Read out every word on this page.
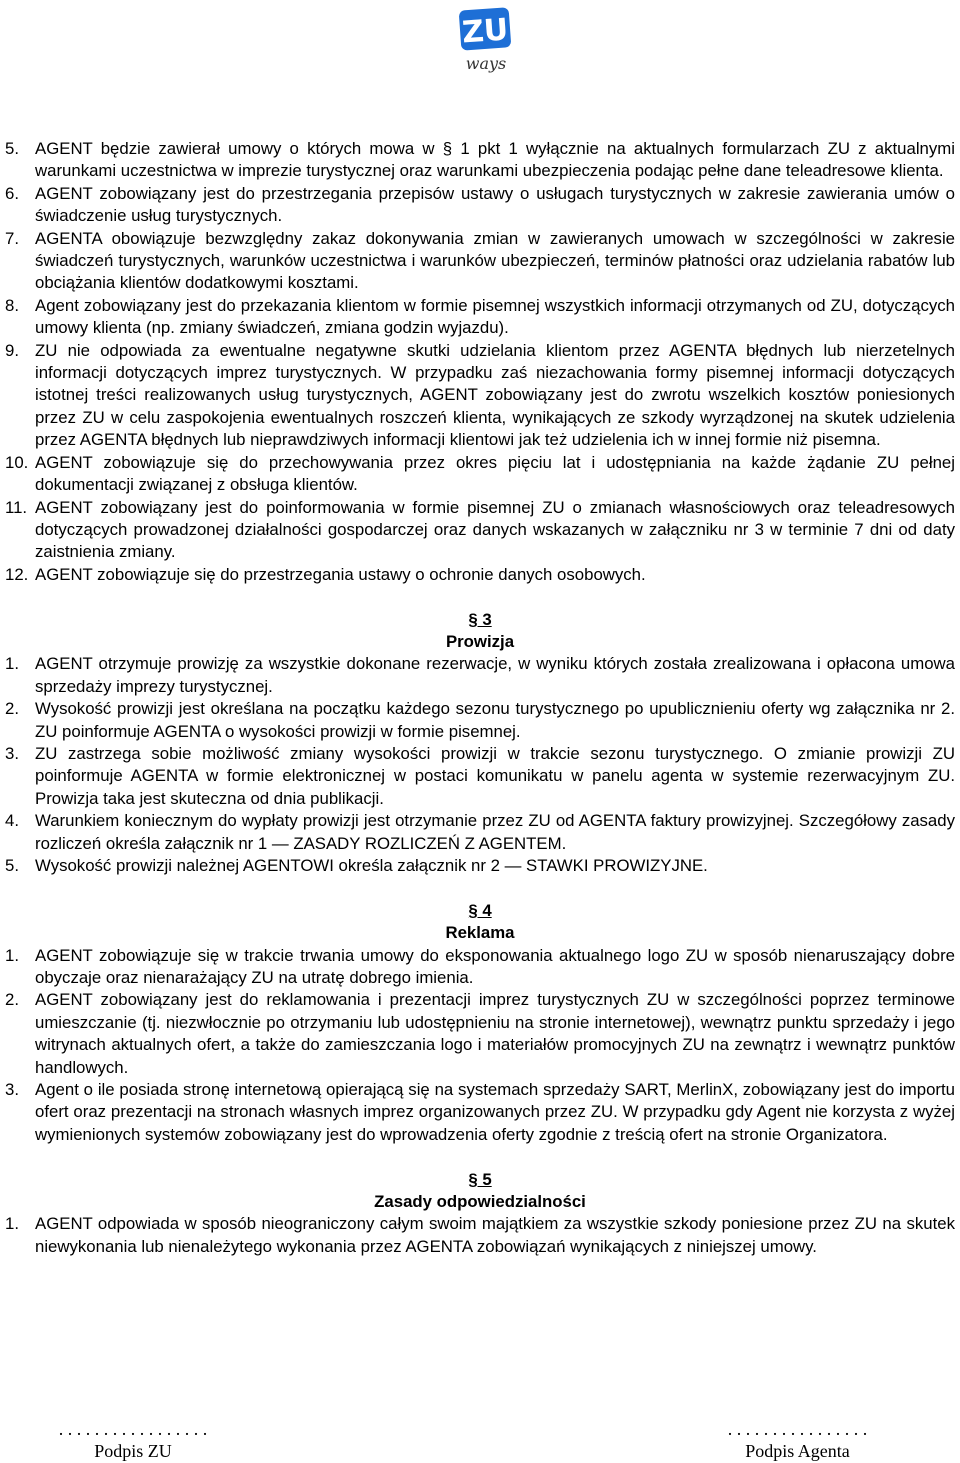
ZU
ways
5. AGENT będzie zawierał umowy o których mowa w § 1 pkt 1 wyłącznie na aktualnych formularzach ZU z aktualnymi warunkami uczestnictwa w imprezie turystycznej oraz warunkami ubezpieczenia podając pełne dane teleadresowe klienta.
6. AGENT zobowiązany jest do przestrzegania przepisów ustawy o usługach turystycznych w zakresie zawierania umów o świadczenie usług turystycznych.
7. AGENTA obowiązuje bezwzględny zakaz dokonywania zmian w zawieranych umowach w szczególności w zakresie świadczeń turystycznych, warunków uczestnictwa i warunków ubezpieczeń, terminów płatności oraz udzielania rabatów lub obciążania klientów dodatkowymi kosztami.
8. Agent zobowiązany jest do przekazania klientom w formie pisemnej wszystkich informacji otrzymanych od ZU, dotyczących umowy klienta (np. zmiany świadczeń, zmiana godzin wyjazdu).
9. ZU nie odpowiada za ewentualne negatywne skutki udzielania klientom przez AGENTA błędnych lub nierzetelnych informacji dotyczących imprez turystycznych. W przypadku zaś niezachowania formy pisemnej informacji dotyczących istotnej treści realizowanych usług turystycznych, AGENT zobowiązany jest do zwrotu wszelkich kosztów poniesionych przez ZU w celu zaspokojenia ewentualnych roszczeń klienta, wynikających ze szkody wyrządzonej na skutek udzielenia przez AGENTA błędnych lub nieprawdziwych informacji klientowi jak też udzielenia ich w innej formie niż pisemna.
10. AGENT zobowiązuje się do przechowywania przez okres pięciu lat i udostępniania na każde żądanie ZU pełnej dokumentacji związanej z obsługa klientów.
11. AGENT zobowiązany jest do poinformowania w formie pisemnej ZU o zmianach własnościowych oraz teleadresowych dotyczących prowadzonej działalności gospodarczej oraz danych wskazanych w załączniku nr 3 w terminie 7 dni od daty zaistnienia zmiany.
12. AGENT zobowiązuje się do przestrzegania ustawy o ochronie danych osobowych.
§ 3
Prowizja
1. AGENT otrzymuje prowizję za wszystkie dokonane rezerwacje, w wyniku których została zrealizowana i opłacona umowa sprzedaży imprezy turystycznej.
2. Wysokość prowizji jest określana na początku każdego sezonu turystycznego po upublicznieniu oferty wg załącznika nr 2. ZU poinformuje AGENTA o wysokości prowizji w formie pisemnej.
3. ZU zastrzega sobie możliwość zmiany wysokości prowizji w trakcie sezonu turystycznego. O zmianie prowizji ZU poinformuje AGENTA w formie elektronicznej w postaci komunikatu w panelu agenta w systemie rezerwacyjnym ZU. Prowizja taka jest skuteczna od dnia publikacji.
4. Warunkiem koniecznym do wypłaty prowizji jest otrzymanie przez ZU od AGENTA faktury prowizyjnej. Szczegółowy zasady rozliczeń określa załącznik nr 1 — ZASADY ROZLICZEŃ Z AGENTEM.
5. Wysokość prowizji należnej AGENTOWI określa załącznik nr 2 — STAWKI PROWIZYJNE.
§ 4
Reklama
1. AGENT zobowiązuje się w trakcie trwania umowy do eksponowania aktualnego logo ZU w sposób nienaruszający dobre obyczaje oraz nienarażający ZU na utratę dobrego imienia.
2. AGENT zobowiązany jest do reklamowania i prezentacji imprez turystycznych ZU w szczególności poprzez terminowe umieszczanie (tj. niezwłocznie po otrzymaniu lub udostępnieniu na stronie internetowej), wewnątrz punktu sprzedaży i jego witrynach aktualnych ofert, a także do zamieszczania logo i materiałów promocyjnych ZU na zewnątrz i wewnątrz punktów handlowych.
3. Agent o ile posiada stronę internetową opierającą się na systemach sprzedaży SART, MerlinX, zobowiązany jest do importu ofert oraz prezentacji na stronach własnych imprez organizowanych przez ZU. W przypadku gdy Agent nie korzysta z wyżej wymienionych systemów zobowiązany jest do wprowadzenia oferty zgodnie z treścią ofert na stronie Organizatora.
§ 5
Zasady odpowiedzialności
1. AGENT odpowiada w sposób nieograniczony całym swoim majątkiem za wszystkie szkody poniesione przez ZU na skutek niewykonania lub nienależytego wykonania przez AGENTA zobowiązań wynikających z niniejszej umowy.
. . . . . . . . . . . . . . . . .
Podpis ZU
. . . . . . . . . . . . . . . .
Podpis Agenta
